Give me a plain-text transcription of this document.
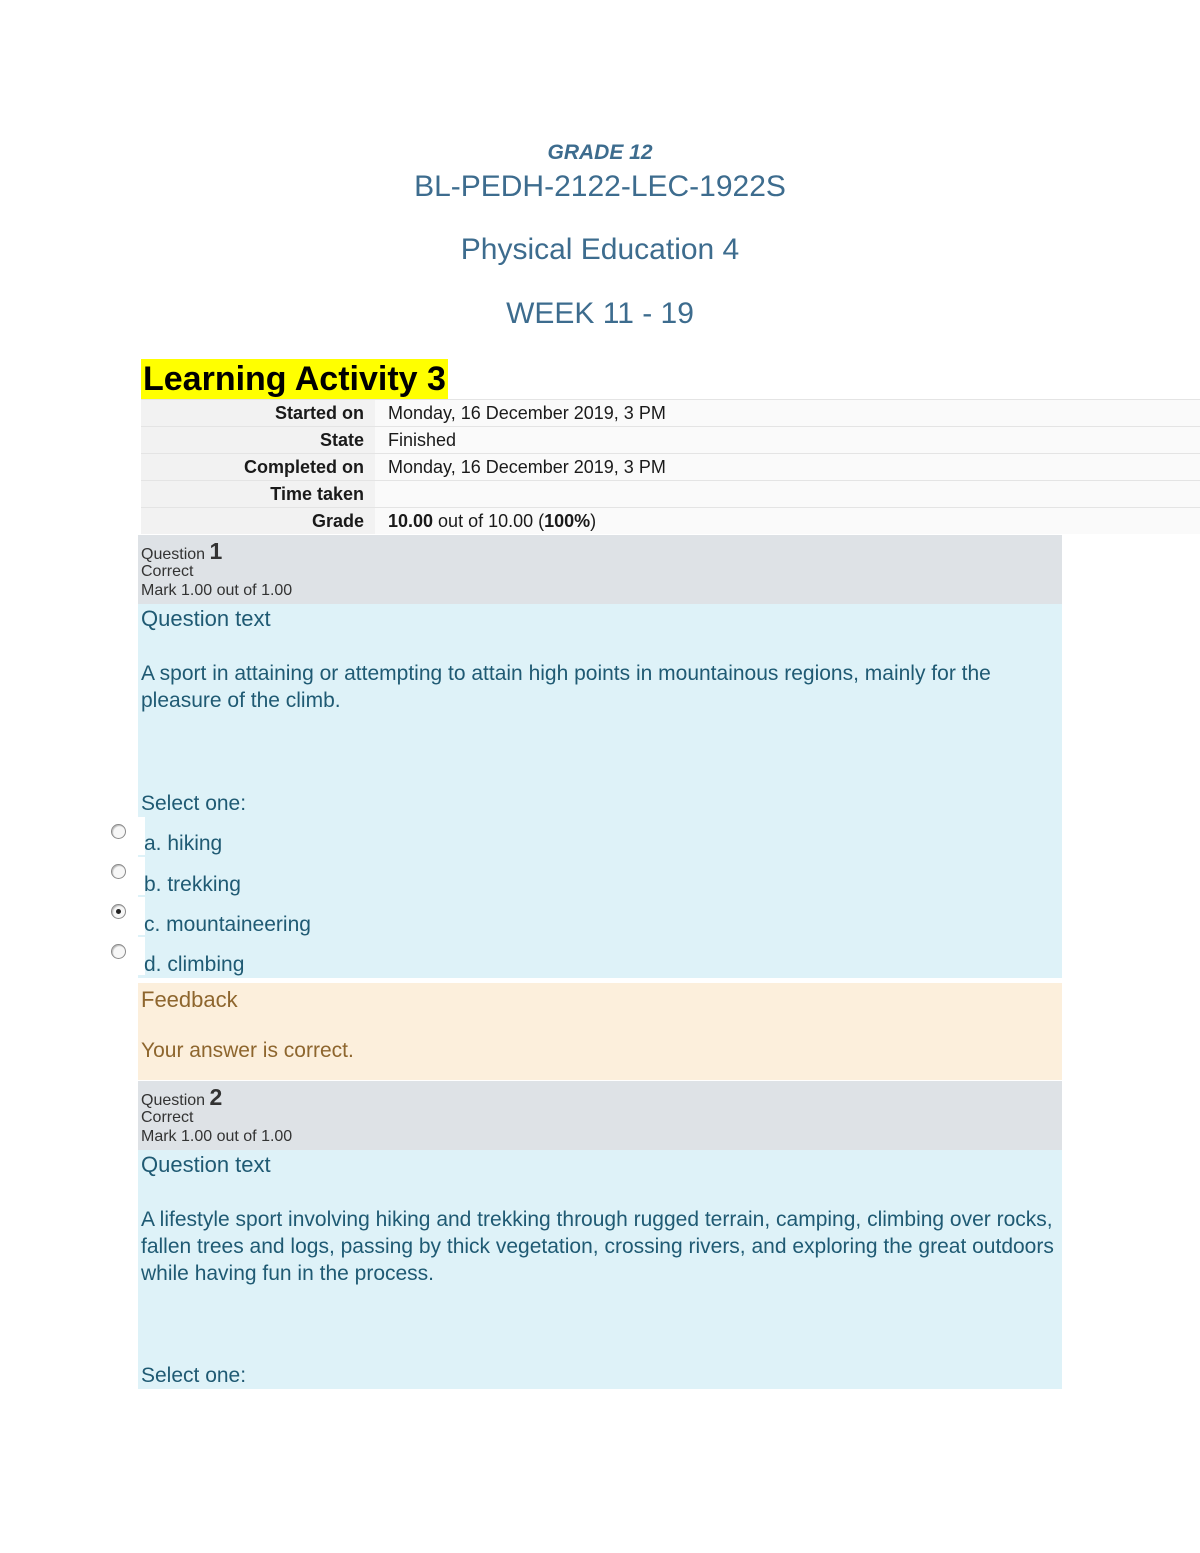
GRADE 12
BL-PEDH-2122-LEC-1922S
Physical Education 4
WEEK 11 - 19
Learning Activity 3
Started on	Monday, 16 December 2019, 3 PM
State	Finished
Completed on	Monday, 16 December 2019, 3 PM
Time taken
Grade	10.00 out of 10.00 (100%)
Question 1
Correct
Mark 1.00 out of 1.00
Question text
A sport in attaining or attempting to attain high points in mountainous regions, mainly for the pleasure of the climb.
Select one:
a. hiking
b. trekking
c. mountaineering
d. climbing
Feedback
Your answer is correct.
Question 2
Correct
Mark 1.00 out of 1.00
Question text
A lifestyle sport involving hiking and trekking through rugged terrain, camping, climbing over rocks, fallen trees and logs, passing by thick vegetation, crossing rivers, and exploring the great outdoors while having fun in the process.
Select one:
